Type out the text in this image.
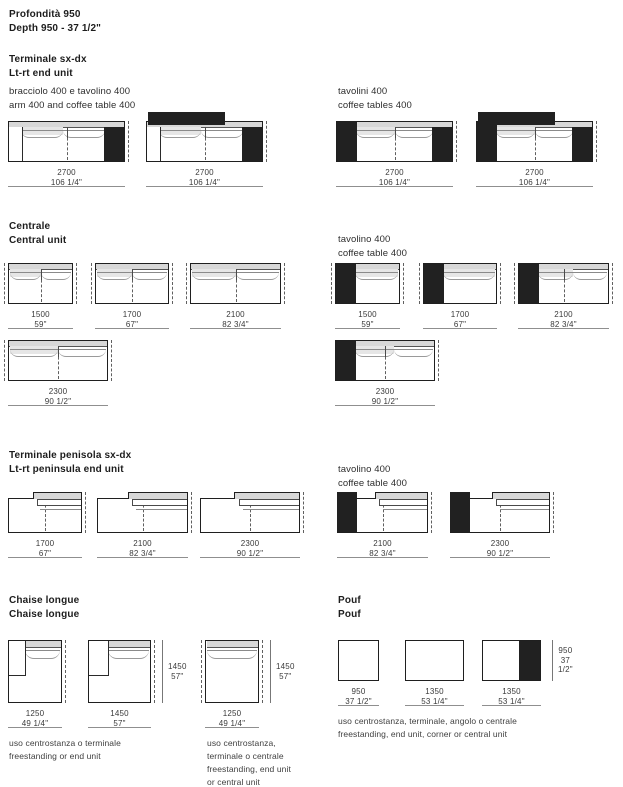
Profondità 950
Depth 950 - 37 1/2"
Terminale sx-dx
Lt-rt end unit
bracciolo 400 e tavolino 400
arm 400 and coffee table 400
2700
106 1/4"
2700
106 1/4"
tavolini 400
coffee tables 400
2700
106 1/4"
2700
106 1/4"
Centrale
Central unit
1500
59"
1700
67"
2100
82 3/4"
2300
90 1/2"
tavolino 400
coffee table 400
1500
59"
1700
67"
2100
82 3/4"
2300
90 1/2"
Terminale penisola sx-dx
Lt-rt peninsula end unit
1700
67"
2100
82 3/4"
2300
90 1/2"
tavolino 400
coffee table 400
2100
82 3/4"
2300
90 1/2"
Chaise longue
Chaise longue
1250
49 1/4"
1450
57"
1450
57"
1250
49 1/4"
1450
57"
uso centrostanza o terminale
freestanding or end unit
uso centrostanza,
terminale o centrale
freestanding, end unit
or central unit
Pouf
Pouf
950
37 1/2"
1350
53 1/4"
1350
53 1/4"
950
37 1/2"
uso centrostanza, terminale, angolo o centrale
freestanding, end unit, corner or central unit
